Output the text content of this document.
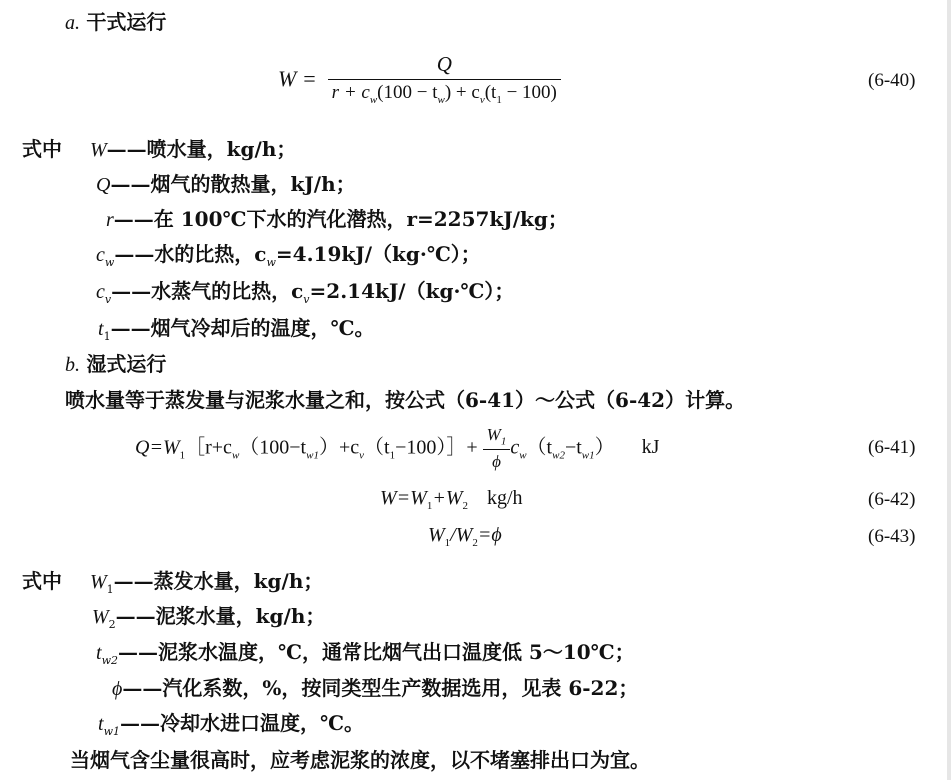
a. 干式运行
$W = \frac{Q}{r + c_w(100 - t_w) + c_v(t_1 - 100)}$	(6-40)
式中 W——喷水量，kg/h；
Q——烟气的散热量，kJ/h；
r——在 100℃下水的汽化潜热，r=2257kJ/kg；
$c_w——$水的比热，$c_w=4.19kJ/(kg\cdot℃)$；
$c_v——$水蒸气的比热，$c_v=2.14kJ/(kg\cdot℃)$；
$t_1——$烟气冷却后的温度，℃。
b. 湿式运行
喷水量等于蒸发量与泥浆水量之和，按公式（6-41）～公式（6-42）计算。
$Q=W_1[r+c_w(100-t_{w1})+c_v(t_1-100)]+ \frac{W_1}{\phi} c_w(t_{w2}-t_{w1})$ kJ	(6-41)
$W=W_1+W_2$ kg/h	(6-42)
$W_1/W_2=\phi$	(6-43)
式中 $W_1——$蒸发水量，kg/h；
$W_2——$泥浆水量，kg/h；
$t_{w2}——$泥浆水温度，℃，通常比烟气出口温度低 5～10℃；
ϕ——汽化系数，%，按同类型生产数据选用，见表 6-22；
$t_{w1}——$冷却水进口温度，℃。
当烟气含尘量很高时，应考虑泥浆的浓度，以不堵塞排出口为宜。
